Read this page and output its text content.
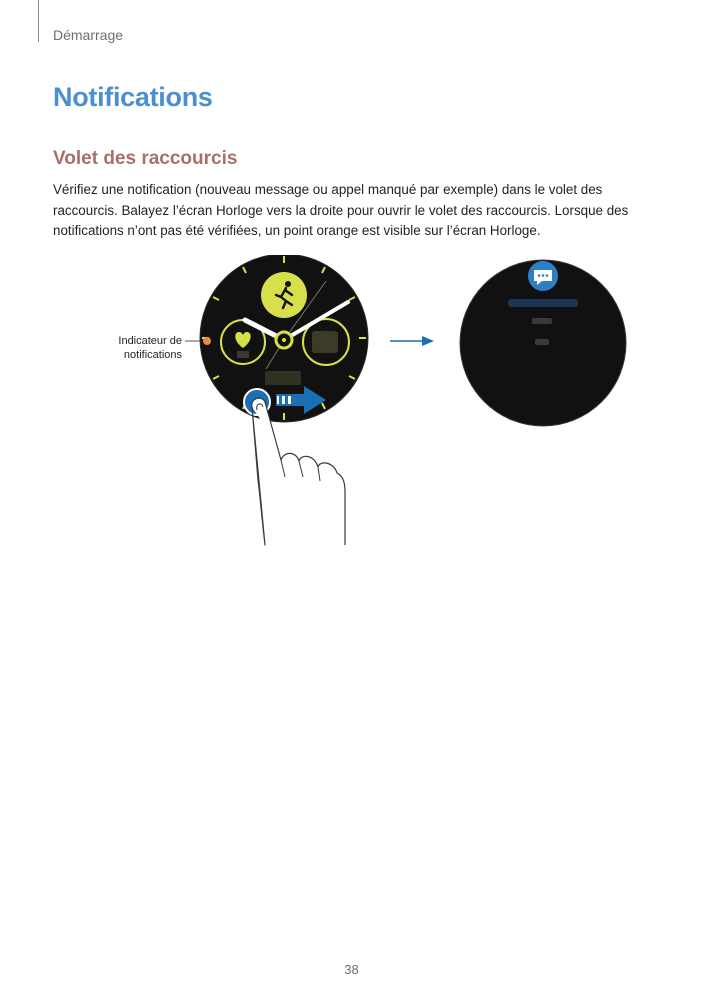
Démarrage
Notifications
Volet des raccourcis
Vérifiez une notification (nouveau message ou appel manqué par exemple) dans le volet des raccourcis. Balayez l’écran Horloge vers la droite pour ouvrir le volet des raccourcis. Lorsque des notifications n’ont pas été vérifiées, un point orange est visible sur l’écran Horloge.
Indicateur de
notifications
38
